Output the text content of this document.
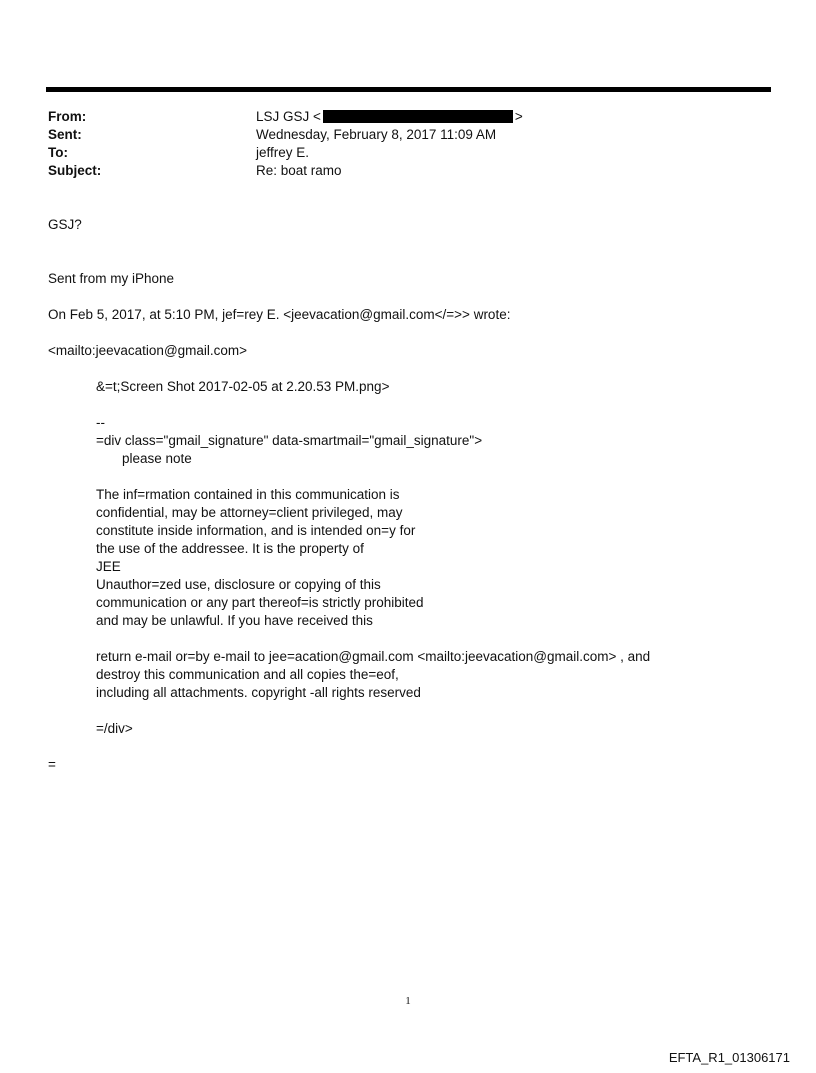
From:	LSJ GSJ <	>
Sent:	Wednesday, February 8, 2017 11:09 AM
To:	jeffrey E.
Subject:	Re: boat ramo
GSJ?
Sent from my iPhone
On Feb 5, 2017, at 5:10 PM, jef=rey E. <jeevacation@gmail.com</=>> wrote:
<mailto:jeevacation@gmail.com>
&=t;Screen Shot 2017-02-05 at 2.20.53 PM.png>
--
=div class="gmail_signature" data-smartmail="gmail_signature">
please note
The inf=rmation contained in this communication is
confidential, may be attorney=client privileged, may
constitute inside information, and is intended on=y for
the use of the addressee. It is the property of
JEE
Unauthor=zed use, disclosure or copying of this
communication or any part thereof=is strictly prohibited
and may be unlawful. If you have received this
return e-mail or=by e-mail to jee=acation@gmail.com <mailto:jeevacation@gmail.com> , and
destroy this communication and all copies the=eof,
including all attachments. copyright -all rights reserved
=/div>
=
1
EFTA_R1_01306171
